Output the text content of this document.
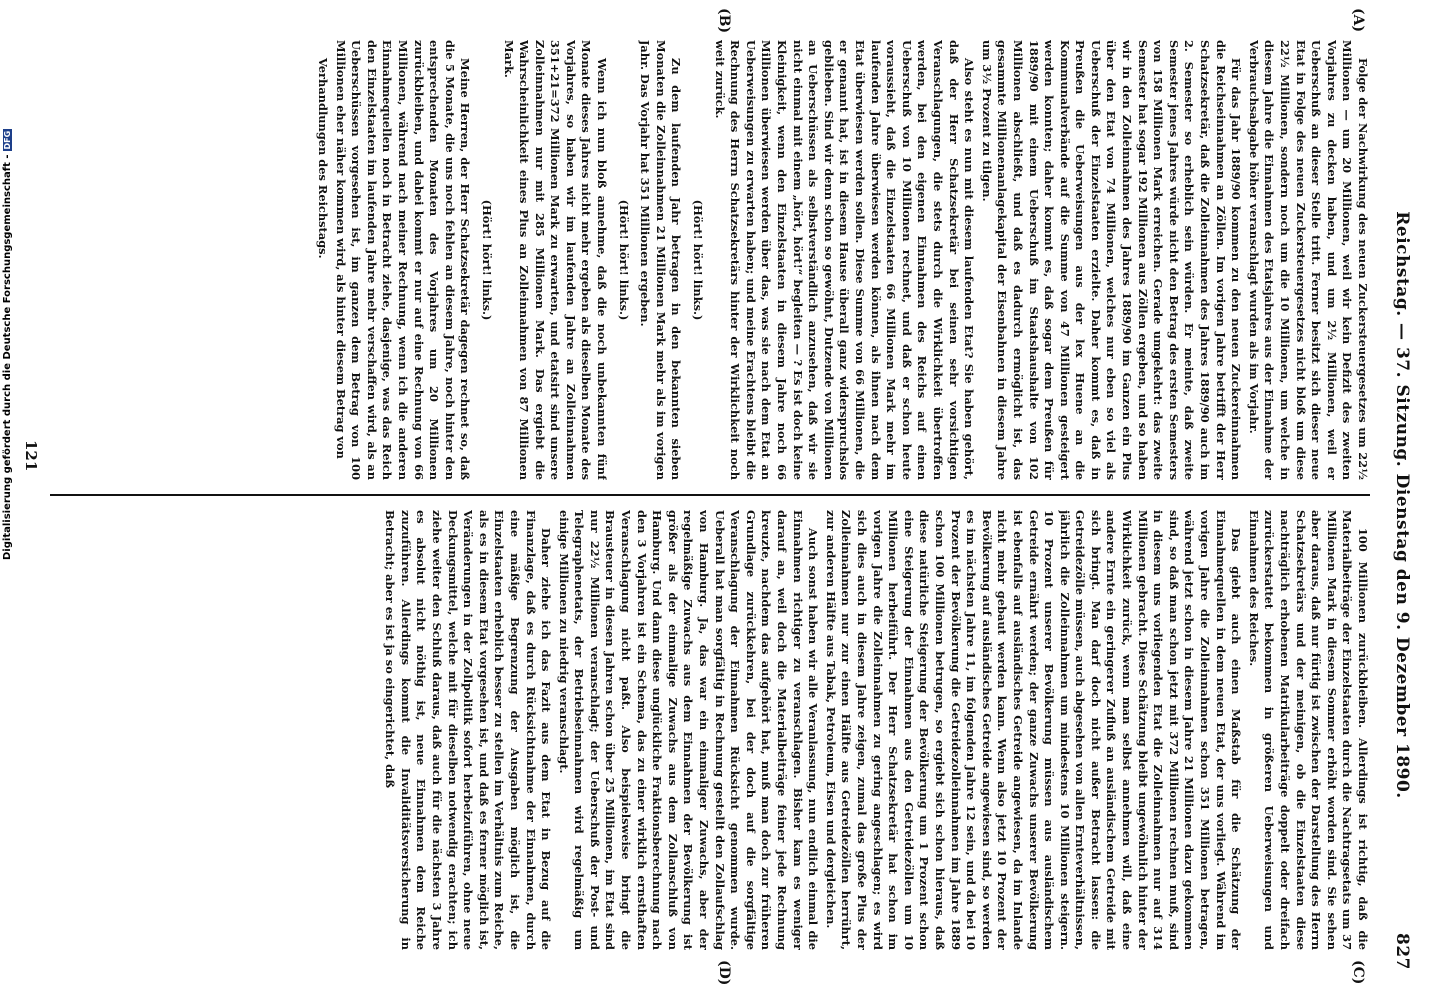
Reichstag. — 37. Sitzung. Dienstag den 9. Dezember 1890.
827
(A)
(B)
(C)
(D)

Folge der Nachwirkung des neuen Zuckersteuergesetzes um 22½ Millionen — um 20 Millionen, weil wir kein Defizit des zweiten Vorjahres zu decken haben, und um 2½ Millionen, weil er Ueberschuß an dieser Stelle tritt. Ferner besitzt sich dieser neue Etat in Folge des neuen Zuckersteuergesetzes nicht bloß um diese 22½ Millionen, sondern noch um die 10 Millionen, um welche in diesem Jahre die Einnahmen des Etatsjahres aus der Einnahme der Verbrauchsabgabe höher veranschlagt wurden als im Vorjahr.

Für das Jahr 1889/90 kommen zu den neuen Zuckereinnahmen die Reichseinnahmen an Zöllen. Im vorigen Jahre betrifft der Herr Schatzsekretär, daß die Zolleinnahmen des Jahres 1889/90 auch im 2. Semester so erheblich sein würden. Er meinte, daß zweite Semester jenes Jahres würde nicht den Betrag des ersten Semesters von 158 Millionen Mark erreichen. Gerade umgekehrt: das zweite Semester hat sogar 192 Millionen aus Zöllen ergeben, und so haben wir in den Zolleinnahmen des Jahres 1889/90 im Ganzen ein Plus über den Etat von 74 Millionen, welches nur eben so viel als Ueberschuß der Einzelstaaten erzielte. Daher kommt es, daß in Preußen die Ueberweisungen aus der lex Huene an die Kommunalverbände auf die Summe von 47 Millionen gesteigert werden konnten; daher kommt es, daß sogar dem Preußen für 1889/90 mit einem Ueberschuß im Staatshaushalte von 102 Millionen abschließt, und daß es dadurch ermöglicht ist, das gesammte Millionenanlagekapital der Eisenbahnen in diesem Jahre um 3½ Prozent zu tilgen.

Also steht es nun mit diesem laufenden Etat? Sie haben gehört, daß der Herr Schatzsekretär bei seinen sehr vorsichtigen Veranschlagungen, die stets durch die Wirklichkeit übertroffen werden, bei den eigenen Einnahmen des Reichs auf einen Ueberschuß von 10 Millionen rechnet, und daß er schon heute voraussieht, daß die Einzelstaaten 66 Millionen Mark mehr im laufenden Jahre überwiesen werden können, als ihnen nach dem Etat überwiesen werden sollen. Diese Summe von 66 Millionen, die er genannt hat, ist in diesem Hause überall ganz widerspruchslos geblieben. Sind wir denn schon so gewöhnt, Dutzende von Millionen an Ueberschüssen als selbstverständlich anzusehen, daß wir sie nicht einmal mit einem „hört, hört!“ begleiten — ? Es ist doch keine Kleinigkeit, wenn den Einzelstaaten in diesem Jahre noch 66 Millionen überwiesen werden über das, was sie nach dem Etat an Ueberweisungen zu erwarten haben; und meine Erachtens bleibt die Rechnung des Herrn Schatzsekretärs hinter der Wirklichkeit noch weit zurück.

(Hört! hört! links.)

Zu dem laufenden Jahr betragen in den bekannten sieben Monaten die Zolleinnahmen 21 Millionen Mark mehr als im vorigen Jahr. Das Vorjahr hat 351 Millionen ergeben.

(Hört! hört! links.)

Wenn ich nun bloß annehme, daß die noch unbekannten fünf Monate dieses Jahres nicht mehr ergeben als dieselben Monate des Vorjahres, so haben wir im laufenden Jahre an Zolleinnahmen 351+21=372 Millionen Mark zu erwarten, und etatsirt sind unsere Zolleinnahmen nur mit 285 Millionen Mark. Das ergiebt die Wahrscheinlichkeit eines Plus an Zolleinnahmen von 87 Millionen Mark.

(Hört! hört! links.)

Meine Herren, der Herr Schatzsekretär dagegen rechnet so, daß die 5 Monate, die uns noch fehlen an diesem Jahre, noch hinter den entsprechenden Monaten des Vorjahres um 20 Millionen zurückbleiben, und dabei kommt er nur auf eine Rechnung von 66 Millionen, während nach meiner Rechnung, wenn ich die anderen Einnahmequellen noch in Betracht ziehe, dasjenige, was das Reich den Einzelstaaten im laufenden Jahre mehr verschaffen wird, als an Ueberschüssen vorgesehen ist, im ganzen dem Betrag von 100 Millionen eher näher kommen wird, als hinter diesem Betrag von

Verhandlungen des Reichstags.

100 Millionen zurückbleiben. Allerdings ist richtig, daß die Materialbeiträge der Einzelstaaten durch die Nachtragsetats um 37 Millionen Mark in diesem Sommer erhöht worden sind. Sie sehen aber daraus, daß nur fürtig ist zwischen der Darstellung des Herrn Schatzsekretärs und der meinigen, ob die Einzelstaaten diese nachträglich erhobenen Matrikularbeiträge doppelt oder dreifach zurückerstattet bekommen in größeren Ueberweisungen und Einnahmen des Reiches.

Das giebt auch einen Maßstab für die Schätzung der Einnahmequellen in dem neuen Etat, der uns vorliegt. Während im vorigen Jahre die Zolleinnahmen schon 351 Millionen betragen, während jetzt schon in diesem Jahre 21 Millionen dazu gekommen sind, so daß man schon jetzt mit 372 Millionen rechnen muß, sind in diesem uns vorliegenden Etat die Zolleinnahmen nur auf 314 Millionen gebracht. Diese Schätzung bleibt ungewöhnlich hinter der Wirklichkeit zurück, wenn man selbst annehmen will, daß eine andere Ernte ein geringerer Zufluß an ausländischem Getreide mit sich bringt. Man darf doch nicht außer Betracht lassen: die Getreidezölle müssen, auch abgesehen von allen Ernteverhältnissen, jährlich die Zolleinnahmen um mindestens 10 Millionen steigern. 10 Prozent unserer Bevölkerung müssen aus ausländischem Getreide ernährt werden; der ganze Zuwachs unserer Bevölkerung ist ebenfalls auf ausländisches Getreide angewiesen, da im Inlande nicht mehr gebaut werden kann. Wenn also jetzt 10 Prozent der Bevölkerung auf ausländisches Getreide angewiesen sind, so werden es im nächsten Jahre 11, im folgenden Jahre 12 sein, und da bei 10 Prozent der Bevölkerung die Getreidezolleinnahmen im Jahre 1889 schon 100 Millionen betrugen, so ergiebt sich schon hieraus, daß diese natürliche Steigerung der Bevölkerung um 1 Prozent schon eine Steigerung der Einnahmen aus den Getreidezöllen um 10 Millionen herbeiführt. Der Herr Schatzsekretär hat schon im vorigen Jahre die Zolleinnahmen zu gering angeschlagen; es wird sich dies auch in diesem Jahre zeigen, zumal das große Plus der Zolleinnahmen nur zur einen Hälfte aus Getreidezöllen herrührt, zur anderen Hälfte aus Tabak, Petroleum, Eisen und dergleichen.

Auch sonst haben wir alle Veranlassung, nun endlich einmal die Einnahmen richtiger zu veranschlagen. Bisher kam es weniger darauf an, weil doch die Materialbeiträge feiner jede Rechnung kreuzte, nachdem das aufgehört hat, muß man doch zur früheren Grundlage zurückkehren, bei der doch auf die sorgfältige Veranschlagung der Einnahmen Rücksicht genommen wurde. Ueberall hat man sorgfältig in Rechnung gestellt den Zollaufschlag von Hamburg. Ja, das war ein einmaliger Zuwachs, aber der regelmäßige Zuwachs aus dem Einnahmen der Bevölkerung ist größer als der einmalige Zuwachs aus dem Zollanschluß von Hamburg. Und dann diese unglückliche Fraktionsberechnung nach den 3 Vorjahren ist ein Schema, das zu einer wirklich ernsthaften Veranschlagung nicht paßt. Also beispielsweise bringt die Brausteuer in diesen Jahren schon über 25 Millionen, im Etat sind nur 22½ Millionen veranschlagt; der Ueberschuß der Post- und Telegraphenetats, der Betriebseinnahmen wird regelmäßig um einige Millionen zu niedrig veranschlagt.

Daher ziehe ich das Fazit aus dem Etat in Bezug auf die Finanzlage, daß es durch Rücksichtnahme der Einnahmen, durch eine mäßige Begrenzung der Ausgaben möglich ist, die Einzelstaaten erheblich besser zu stellen im Verhältnis zum Reiche, als es in diesem Etat vorgesehen ist, und daß es ferner möglich ist, Veränderungen in der Zollpolitik sofort herbeizuführen, ohne neue Deckungsmittel, welche mit für dieselben notwendig erachten; ich ziehe weiter den Schluß daraus, daß auch für die nächsten 3 Jahre es absolut nicht nöthig ist, neue Einnahmen dem Reiche zuzuführen. Allerdings kommt die Invaliditätsversicherung in Betracht; aber es ist ja so eingerichtet, daß

121
Digitalisierung gefördert durch die Deutsche Forschungsgemeinschaft -DFG
